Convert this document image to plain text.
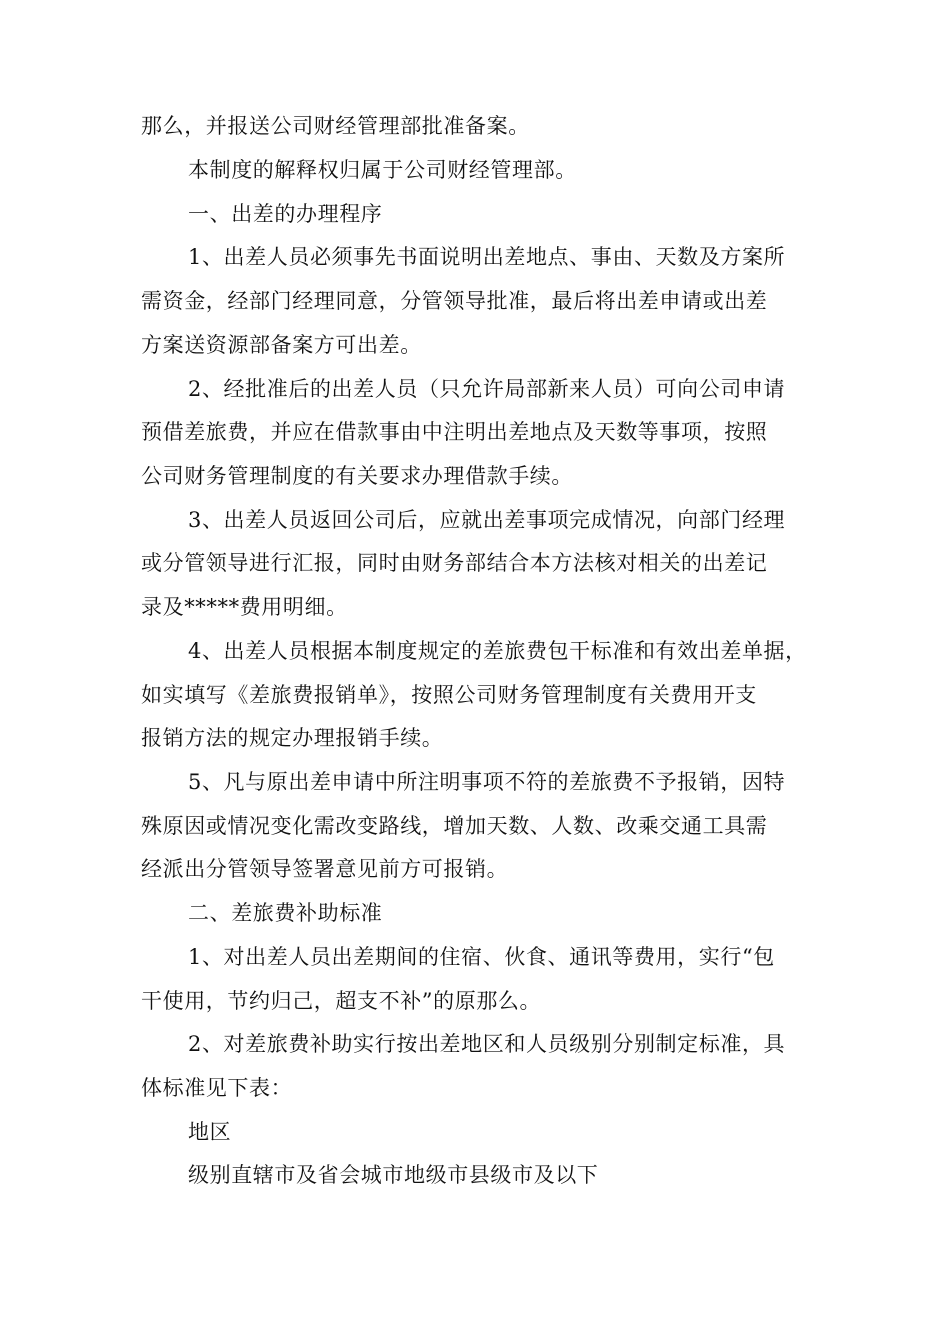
那么，并报送公司财经管理部批准备案。
本制度的解释权归属于公司财经管理部。
一、出差的办理程序
1、出差人员必须事先书面说明出差地点、事由、天数及方案所
需资金，经部门经理同意，分管领导批准，最后将出差申请或出差
方案送资源部备案方可出差。
2、经批准后的出差人员（只允许局部新来人员）可向公司申请
预借差旅费，并应在借款事由中注明出差地点及天数等事项，按照
公司财务管理制度的有关要求办理借款手续。
3、出差人员返回公司后，应就出差事项完成情况，向部门经理
或分管领导进行汇报，同时由财务部结合本方法核对相关的出差记
录及*****费用明细。
4、出差人员根据本制度规定的差旅费包干标准和有效出差单据，
如实填写《差旅费报销单》，按照公司财务管理制度有关费用开支
报销方法的规定办理报销手续。
5、凡与原出差申请中所注明事项不符的差旅费不予报销，因特
殊原因或情况变化需改变路线，增加天数、人数、改乘交通工具需
经派出分管领导签署意见前方可报销。
二、差旅费补助标准
1、对出差人员出差期间的住宿、伙食、通讯等费用，实行“包
干使用，节约归己，超支不补”的原那么。
2、对差旅费补助实行按出差地区和人员级别分别制定标准，具
体标准见下表：
地区
级别直辖市及省会城市地级市县级市及以下
